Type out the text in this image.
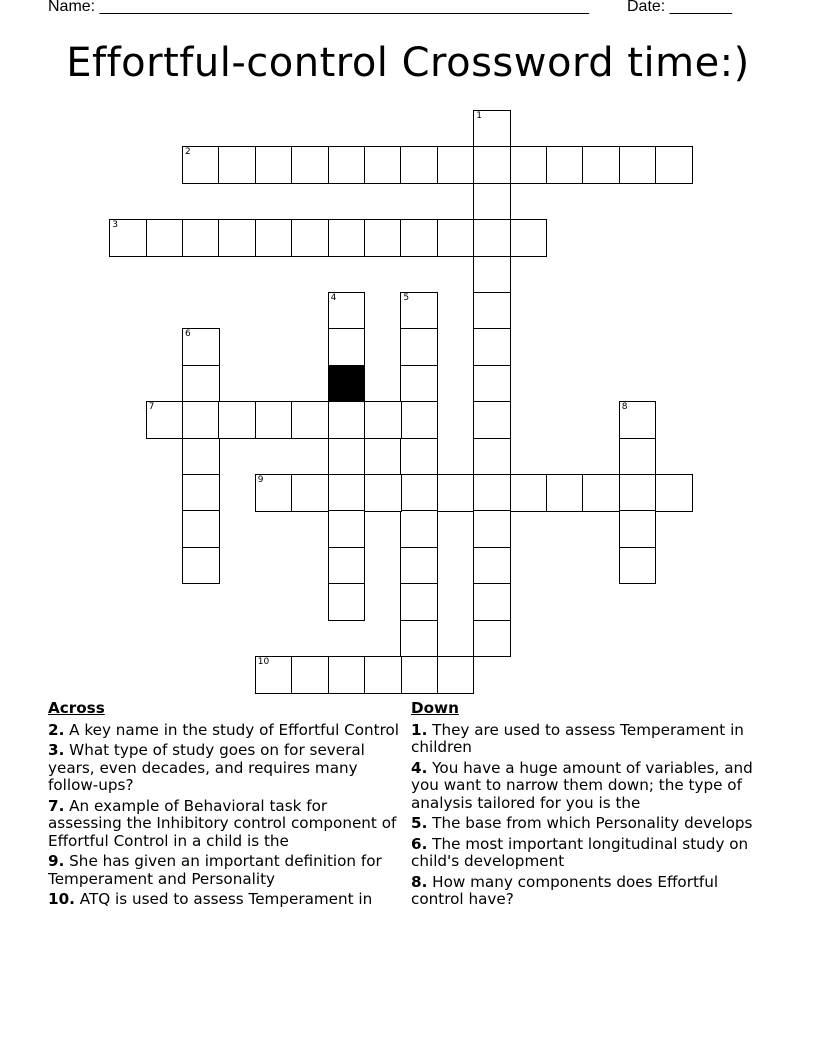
Name: _______________________________________________________ Date: _______
Effortful-control Crossword time:)
1
2
3
4	5
6
7	8
9
10
Across
2. A key name in the study of Effortful Control
3. What type of study goes on for several years, even decades, and requires many follow-ups?
7. An example of Behavioral task for assessing the Inhibitory control component of Effortful Control in a child is the
9. She has given an important definition for Temperament and Personality
10. ATQ is used to assess Temperament in
Down
1. They are used to assess Temperament in children
4. You have a huge amount of variables, and you want to narrow them down; the type of analysis tailored for you is the
5. The base from which Personality develops
6. The most important longitudinal study on child's development
8. How many components does Effortful control have?
